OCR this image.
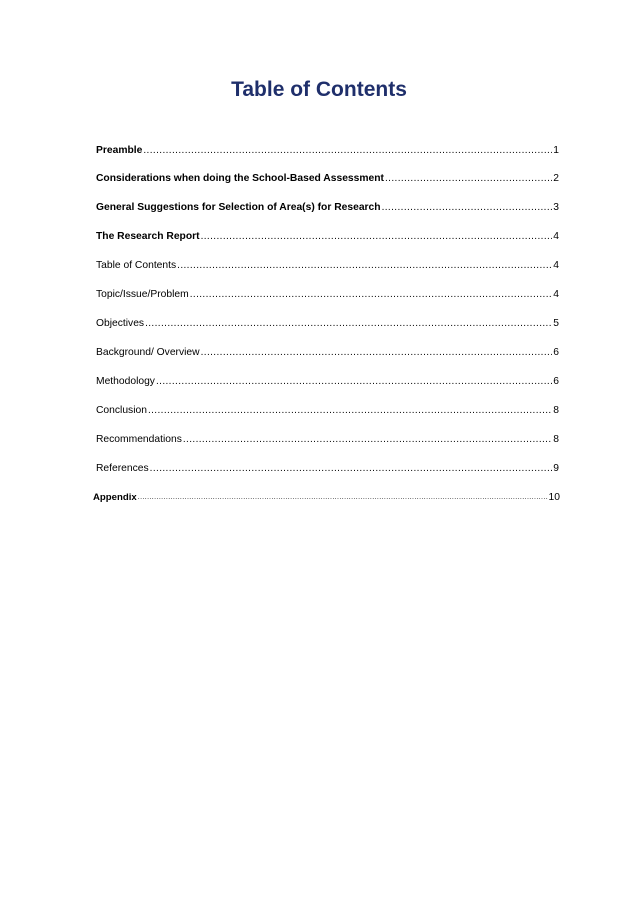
Table of Contents
Preamble .....	1
Considerations when doing the School-Based Assessment .....	2
General Suggestions for Selection of Area(s) for Research .....	3
The Research Report .....	4
Table of Contents .....	4
Topic/Issue/Problem .....	4
Objectives .....	5
Background/ Overview .....	6
Methodology .....	6
Conclusion .....	8
Recommendations .....	8
References .....	9
Appendix .....	10
